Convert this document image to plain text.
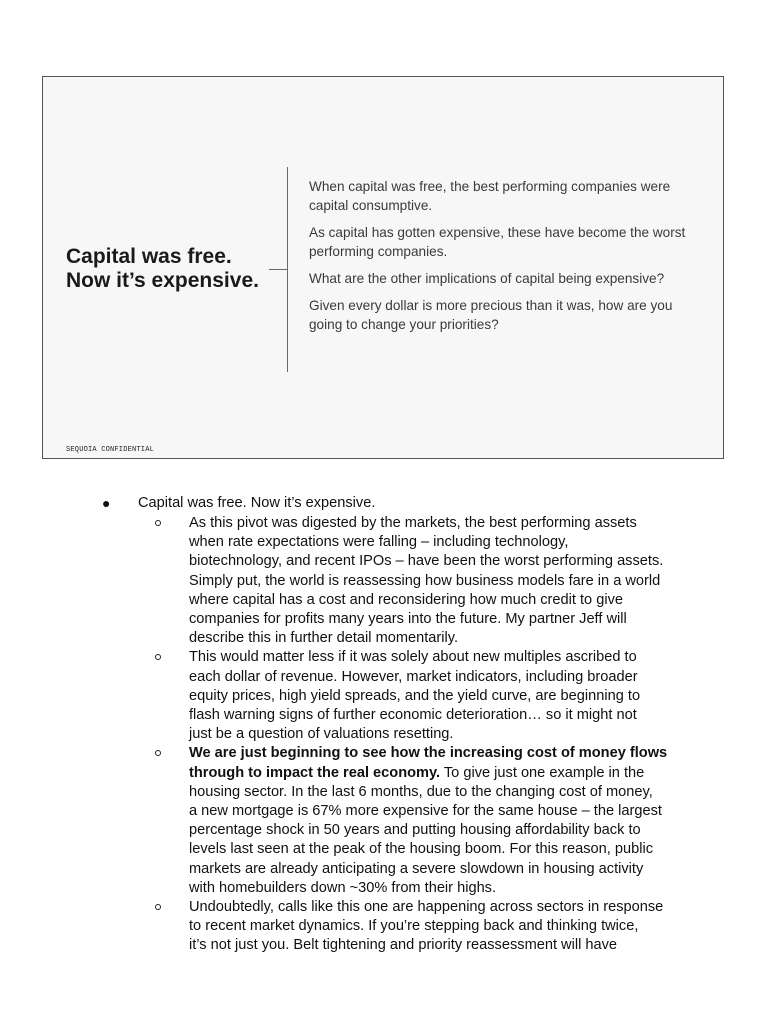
Capital was free.
Now it’s expensive.

When capital was free, the best performing companies were capital consumptive.

As capital has gotten expensive, these have become the worst performing companies.

What are the other implications of capital being expensive?

Given every dollar is more precious than it was, how are you going to change your priorities?

SEQUOIA CONFIDENTIAL
● Capital was free. Now it’s expensive.
As this pivot was digested by the markets, the best performing assets
when rate expectations were falling – including technology,
biotechnology, and recent IPOs – have been the worst performing assets.
Simply put, the world is reassessing how business models fare in a world
where capital has a cost and reconsidering how much credit to give
companies for profits many years into the future. My partner Jeff will
describe this in further detail momentarily.
This would matter less if it was solely about new multiples ascribed to
each dollar of revenue. However, market indicators, including broader
equity prices, high yield spreads, and the yield curve, are beginning to
flash warning signs of further economic deterioration… so it might not
just be a question of valuations resetting.
We are just beginning to see how the increasing cost of money flows
through to impact the real economy. To give just one example in the
housing sector. In the last 6 months, due to the changing cost of money,
a new mortgage is 67% more expensive for the same house – the largest
percentage shock in 50 years and putting housing affordability back to
levels last seen at the peak of the housing boom. For this reason, public
markets are already anticipating a severe slowdown in housing activity
with homebuilders down ~30% from their highs.
Undoubtedly, calls like this one are happening across sectors in response
to recent market dynamics. If you’re stepping back and thinking twice,
it’s not just you. Belt tightening and priority reassessment will have
